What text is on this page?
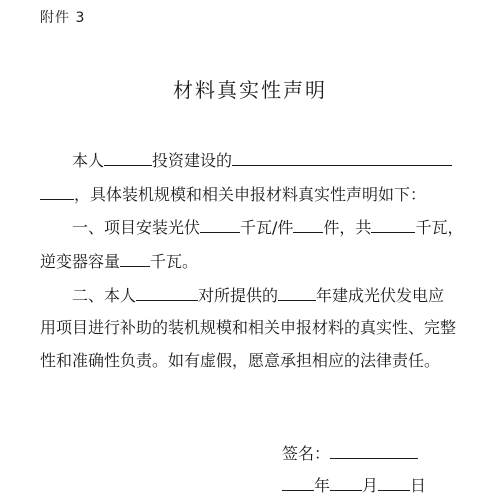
附件 3
材料真实性声明
本人	投资建设的
，具体装机规模和相关申报材料真实性声明如下：
一、项目安装光伏	千瓦/件 件，共	千瓦，
逆变器容量 千瓦。
二、本人	对所提供的 年建成光伏发电应
用项目进行补助的装机规模和相关申报材料的真实性、完整
性和准确性负责。如有虚假，愿意承担相应的法律责任。
签名：
年 月 日
